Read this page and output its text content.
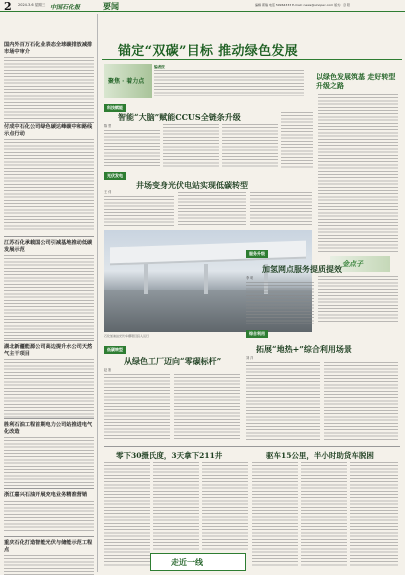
2 2024.3.6 星期三 中国石化报	要闻	编辑 郭瑞 电话 59964333 E-mail: news@sinopec.com 版式：章 阳
国内外百万石化业表态全球碳排放减排市场中审介
付成中石化公司绿色碳达峰碳中和路线示点行动
江苏石化承载国公司引减基地推动低碳发展示范
湖北新疆能源公司高边提升水公司天然气主干项目
胜利石油工程首期电力公司站推进电气化改造
浙江嘉兴石油开展充电业务精准营销
重庆石化打造智能光伏与储能示范工程点
锚定“双碳”目标 推动绿色发展
聚焦 · 着力点
编者按
以绿色发展筑基 走好转型升级之路
科技赋能
智能“大脑”赋能CCUS全链条升级
陈 思
金点子
光伏发电
井场变身光伏电站实现低碳转型
王 伟
石化加油站光伏车棚项目投入运行
服务升级
加氢网点服务提质提效
李 明
综合利用
拓展“地热+”综合利用场景
刘 洋
低碳转型
从绿色工厂迈向“零碳标杆”
赵 刚
零下30摄氏度，3天拿下211井	驱车15公里，半小时助货车脱困
走近一线
